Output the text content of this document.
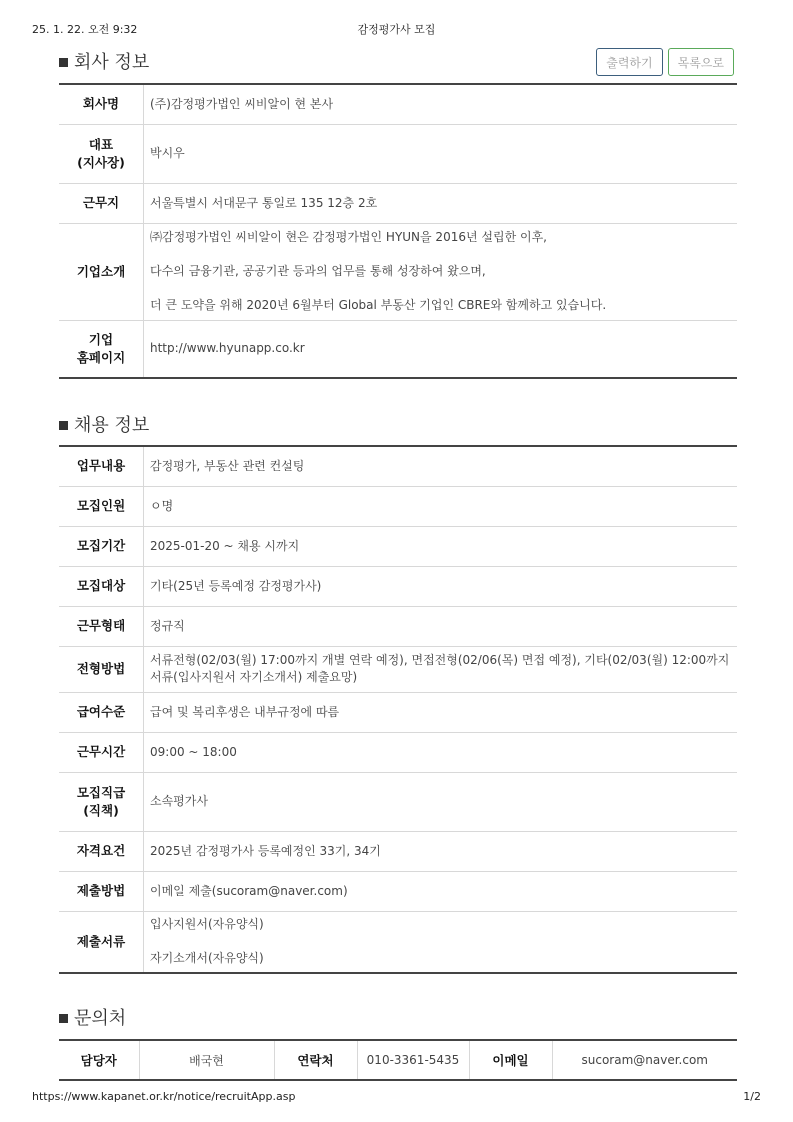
25. 1. 22. 오전 9:32	감정평가사 모집
회사 정보	출력하기 목록으로
회사명	(주)감정평가법인 씨비알이 현 본사
대표
(지사장)	박시우
근무지	서울특별시 서대문구 통일로 135 12층 2호
기업소개	㈜감정평가법인 씨비알이 현은 감정평가법인 HYUN을 2016년 설립한 이후,
다수의 금융기관, 공공기관 등과의 업무를 통해 성장하여 왔으며,
더 큰 도약을 위해 2020년 6월부터 Global 부동산 기업인 CBRE와 함께하고 있습니다.

기업
홈페이지	http://www.hyunapp.co.kr
채용 정보
업무내용	감정평가, 부동산 관련 컨설팅
모집인원	ㅇ명
모집기간	2025-01-20 ~ 채용 시까지
모집대상	기타(25년 등록예정 감정평가사)
근무형태	정규직
전형방법	서류전형(02/03(월) 17:00까지 개별 연락 예정), 면접전형(02/06(목) 면접 예정), 기타(02/03(월) 12:00까지 서류(입사지원서 자기소개서) 제출요망)
급여수준	급여 및 복리후생은 내부규정에 따름
근무시간	09:00 ~ 18:00
모집직급
(직책)	소속평가사
자격요건	2025년 감정평가사 등록예정인 33기, 34기
제출방법	이메일 제출(sucoram@naver.com)
제출서류	입사지원서(자유양식)
자기소개서(자유양식)
문의처
담당자	배국현	연락처	010-3361-5435	이메일	sucoram@naver.com
https://www.kapanet.or.kr/notice/recruitApp.asp	1/2
